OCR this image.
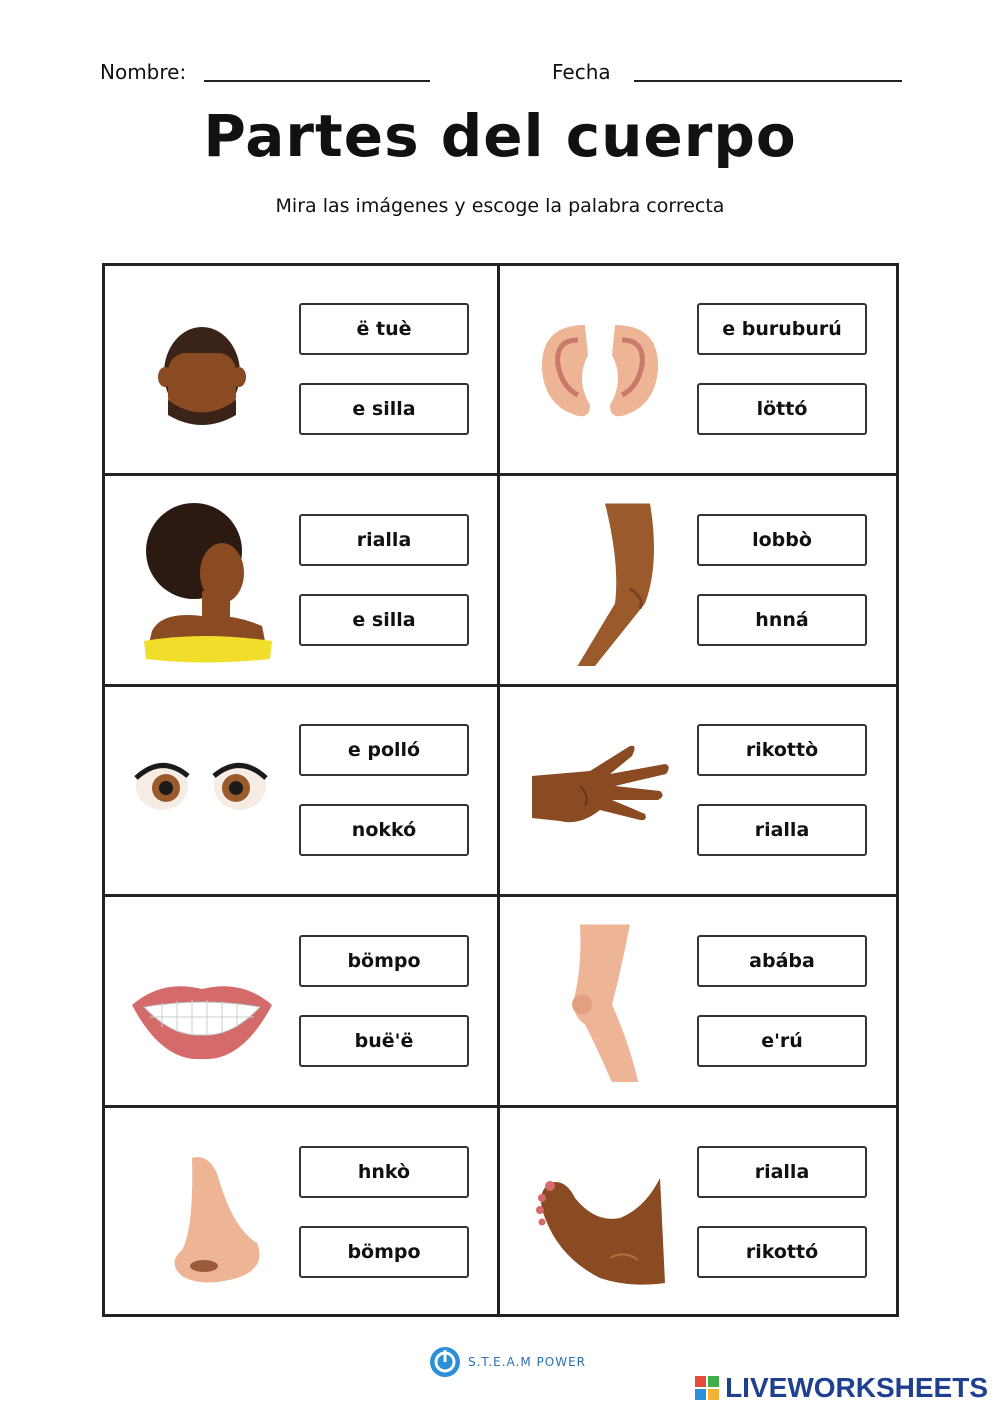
Nombre:	Fecha
Partes del cuerpo
Mira las imágenes y escoge la palabra correcta
ë tuè
e silla
e buruburú
löttó
rialla
e silla
lobbò
hnná
e polló
nokkó
rikottò
rialla
bömpo
buë'ë
abába
e'rú
hnkò
bömpo
rialla
rikottó
S.T.E.A.M POWER
LIVEWORKSHEETS
